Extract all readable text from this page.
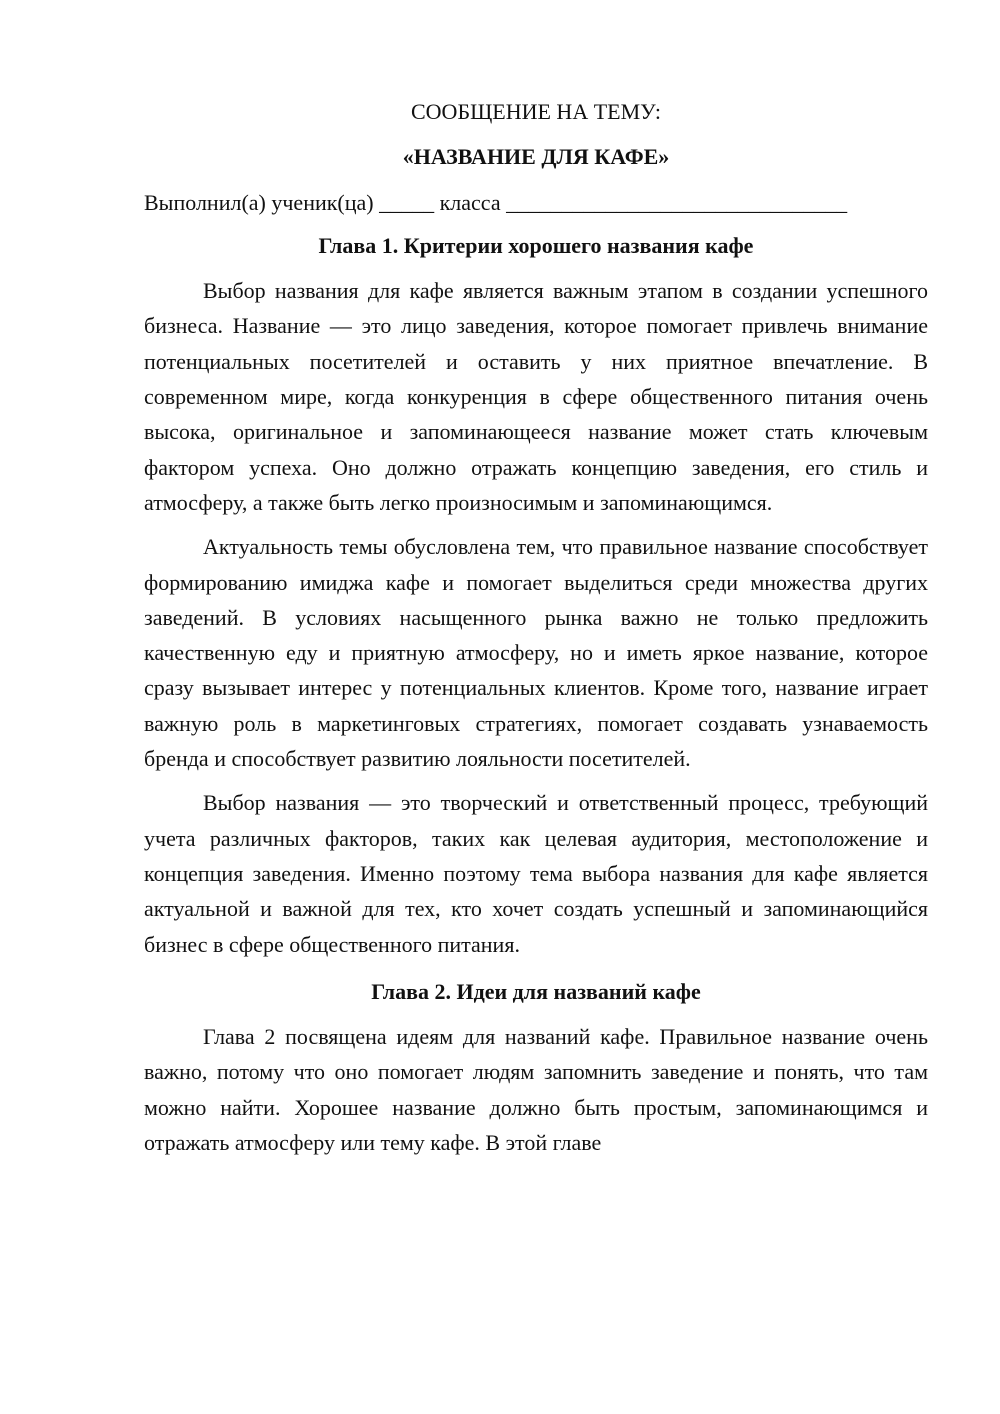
СООБЩЕНИЕ НА ТЕМУ:
«НАЗВАНИЕ ДЛЯ КАФЕ»
Выполнил(а) ученик(ца) _____ класса _______________________________
Глава 1. Критерии хорошего названия кафе

Выбор названия для кафе является важным этапом в создании успешного бизнеса. Название — это лицо заведения, которое помогает привлечь внимание потенциальных посетителей и оставить у них приятное впечатление. В современном мире, когда конкуренция в сфере общественного питания очень высока, оригинальное и запоминающееся название может стать ключевым фактором успеха. Оно должно отражать концепцию заведения, его стиль и атмосферу, а также быть легко произносимым и запоминающимся.

Актуальность темы обусловлена тем, что правильное название способствует формированию имиджа кафе и помогает выделиться среди множества других заведений. В условиях насыщенного рынка важно не только предложить качественную еду и приятную атмосферу, но и иметь яркое название, которое сразу вызывает интерес у потенциальных клиентов. Кроме того, название играет важную роль в маркетинговых стратегиях, помогает создавать узнаваемость бренда и способствует развитию лояльности посетителей.

Выбор названия — это творческий и ответственный процесс, требующий учета различных факторов, таких как целевая аудитория, местоположение и концепция заведения. Именно поэтому тема выбора названия для кафе является актуальной и важной для тех, кто хочет создать успешный и запоминающийся бизнес в сфере общественного питания.

Глава 2. Идеи для названий кафе

Глава 2 посвящена идеям для названий кафе. Правильное название очень важно, потому что оно помогает людям запомнить заведение и понять, что там можно найти. Хорошее название должно быть простым, запоминающимся и отражать атмосферу или тему кафе. В этой главе
